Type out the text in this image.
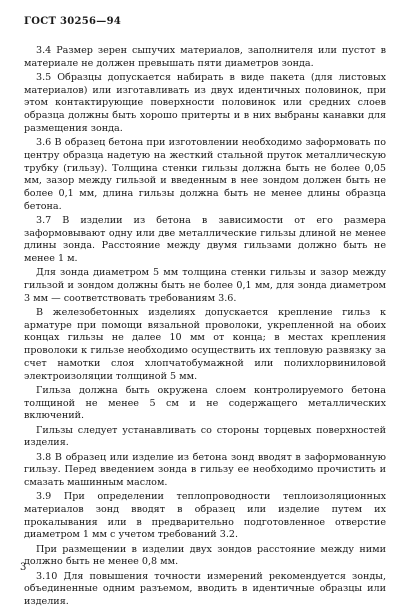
ГОСТ 30256—94

3.4 Размер зерен сыпучих материалов, заполнителя или пустот в материале не должен превышать пяти диаметров зонда.

3.5 Образцы допускается набирать в виде пакета (для листовых материалов) или изготавливать из двух идентичных половинок, при этом контактирующие поверхности половинок или средних слоев образца должны быть хорошо притерты и в них выбраны канавки для размещения зонда.

3.6 В образец бетона при изготовлении необходимо заформовать по центру образца надетую на жесткий стальной пруток металлическую трубку (гильзу). Толщина стенки гильзы должна быть не более 0,05 мм, зазор между гильзой и введенным в нее зондом должен быть не более 0,1 мм, длина гильзы должна быть не менее длины образца бетона.

3.7 В изделии из бетона в зависимости от его размера заформовывают одну или две металлические гильзы длиной не менее длины зонда. Расстояние между двумя гильзами должно быть не менее 1 м.

Для зонда диаметром 5 мм толщина стенки гильзы и зазор между гильзой и зондом должны быть не более 0,1 мм, для зонда диаметром 3 мм — соответствовать требованиям 3.6.

В железобетонных изделиях допускается крепление гильз к арматуре при помощи вязальной проволоки, укрепленной на обоих концах гильзы не далее 10 мм от конца; в местах крепления проволоки к гильзе необходимо осуществить их тепловую развязку за счет намотки слоя хлопчатобумажной или полихлорвиниловой электроизоляции толщиной 5 мм.

Гильза должна быть окружена слоем контролируемого бетона толщиной не менее 5 см и не содержащего металлических включений.

Гильзы следует устанавливать со стороны торцевых поверхностей изделия.

3.8 В образец или изделие из бетона зонд вводят в заформованную гильзу. Перед введением зонда в гильзу ее необходимо прочистить и смазать машинным маслом.

3.9 При определении теплопроводности теплоизоляционных материалов зонд вводят в образец или изделие путем их прокалывания или в предварительно подготовленное отверстие диаметром 1 мм с учетом требований 3.2.

При размещении в изделии двух зондов расстояние между ними должно быть не менее 0,8 мм.

3.10 Для повышения точности измерений рекомендуется зонды, объединенные одним разъемом, вводить в идентичные образцы или изделия.

3
